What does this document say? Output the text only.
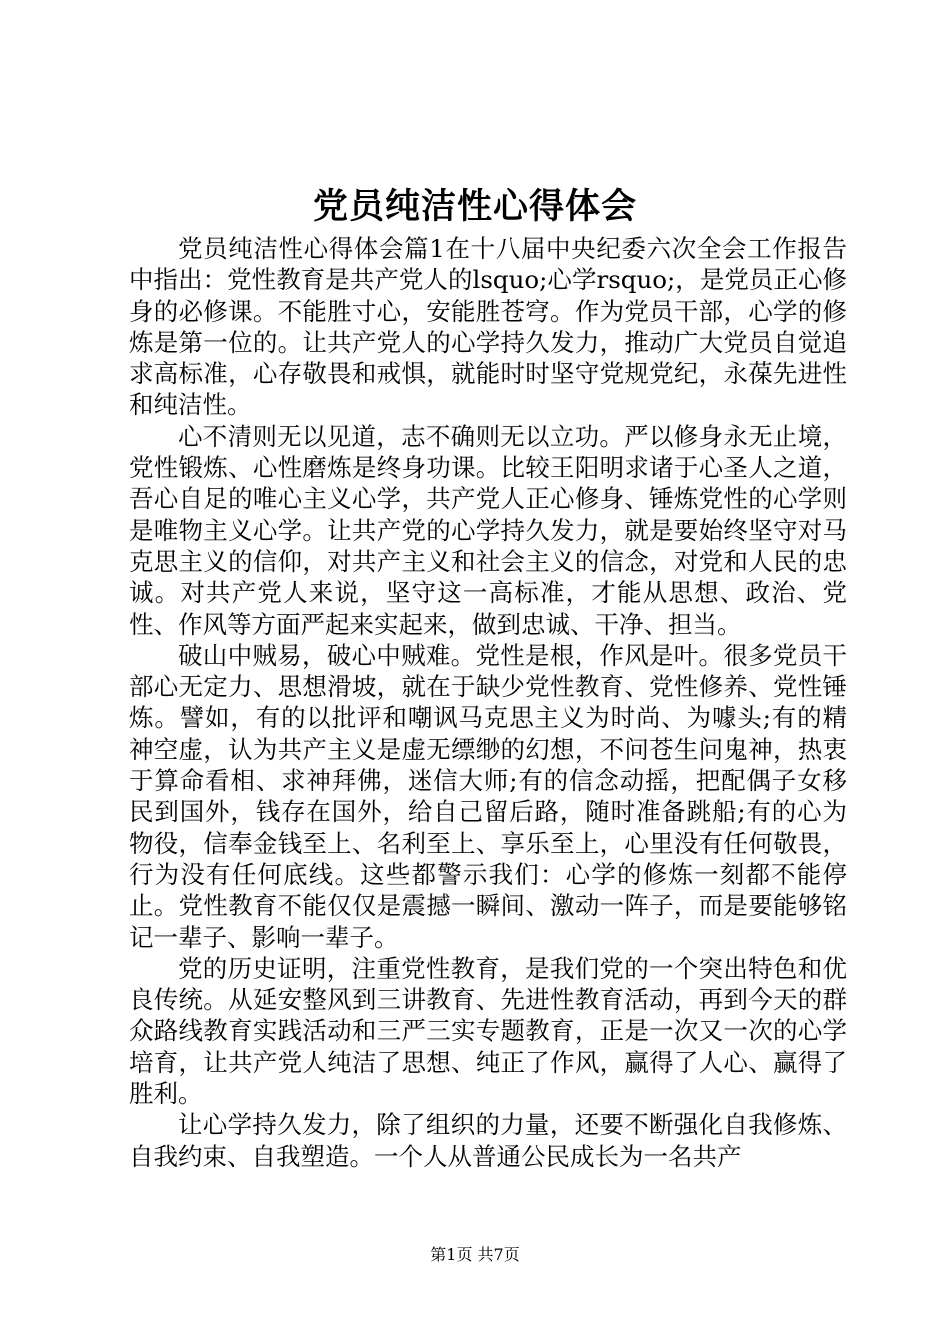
党员纯洁性心得体会

党员纯洁性心得体会篇1在十八届中央纪委六次全会工作报告中指出：党性教育是共产党人的lsquo;心学rsquo;，是党员正心修身的必修课。不能胜寸心，安能胜苍穹。作为党员干部，心学的修炼是第一位的。让共产党人的心学持久发力，推动广大党员自觉追求高标准，心存敬畏和戒惧，就能时时坚守党规党纪，永葆先进性和纯洁性。

心不清则无以见道，志不确则无以立功。严以修身永无止境，党性锻炼、心性磨炼是终身功课。比较王阳明求诸于心圣人之道，吾心自足的唯心主义心学，共产党人正心修身、锤炼党性的心学则是唯物主义心学。让共产党的心学持久发力，就是要始终坚守对马克思主义的信仰，对共产主义和社会主义的信念，对党和人民的忠诚。对共产党人来说，坚守这一高标准，才能从思想、政治、党性、作风等方面严起来实起来，做到忠诚、干净、担当。

破山中贼易，破心中贼难。党性是根，作风是叶。很多党员干部心无定力、思想滑坡，就在于缺少党性教育、党性修养、党性锤炼。譬如，有的以批评和嘲讽马克思主义为时尚、为噱头;有的精神空虚，认为共产主义是虚无缥缈的幻想，不问苍生问鬼神，热衷于算命看相、求神拜佛，迷信大师;有的信念动摇，把配偶子女移民到国外，钱存在国外，给自己留后路，随时准备跳船;有的心为物役，信奉金钱至上、名利至上、享乐至上，心里没有任何敬畏，行为没有任何底线。这些都警示我们：心学的修炼一刻都不能停止。党性教育不能仅仅是震撼一瞬间、激动一阵子，而是要能够铭记一辈子、影响一辈子。

党的历史证明，注重党性教育，是我们党的一个突出特色和优良传统。从延安整风到三讲教育、先进性教育活动，再到今天的群众路线教育实践活动和三严三实专题教育，正是一次又一次的心学培育，让共产党人纯洁了思想、纯正了作风，赢得了人心、赢得了胜利。

让心学持久发力，除了组织的力量，还要不断强化自我修炼、自我约束、自我塑造。一个人从普通公民成长为一名共产

第1页 共7页
